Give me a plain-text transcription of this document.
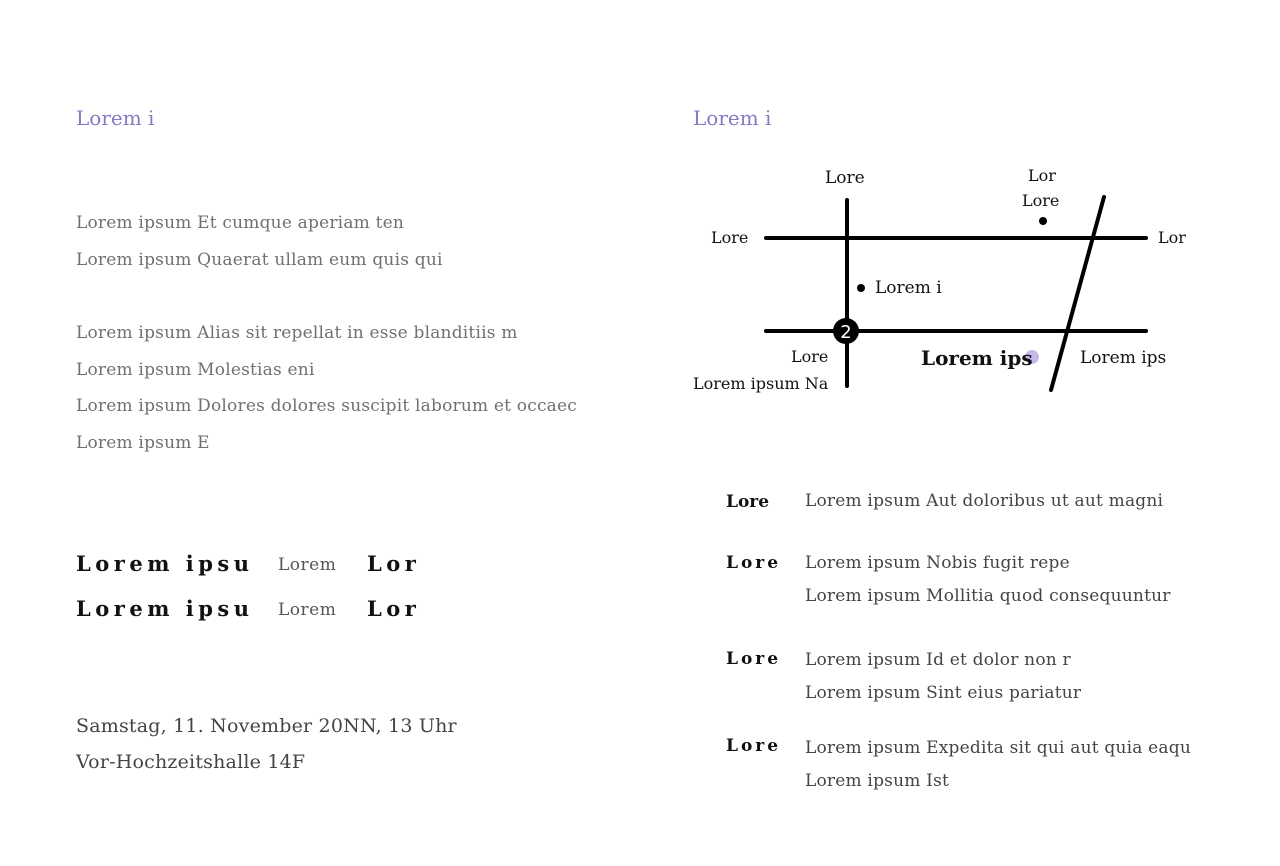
Lorem i
Lorem ipsum Et cumque aperiam ten
Lorem ipsum Quaerat ullam eum quis qui
Lorem ipsum Alias sit repellat in esse blanditiis m
Lorem ipsum Molestias eni
Lorem ipsum Dolores dolores suscipit laborum et occaec
Lorem ipsum E
Lorem ipsu Lorem Lor
Lorem ipsu Lorem Lor
Samstag, 11. November 20NN, 13 Uhr
Vor-Hochzeitshalle 14F
Lorem i
2
Lore	Lor
Lore
Lore	Lor
Lorem i
Lore
Lorem ipsum Na
Lorem ips	Lorem ips
Lore Lorem ipsum Aut doloribus ut aut magni
Lore Lorem ipsum Nobis fugit repe
Lorem ipsum Mollitia quod consequuntur
Lore Lorem ipsum Id et dolor non r
Lorem ipsum Sint eius pariatur
Lore Lorem ipsum Expedita sit qui aut quia eaqu
Lorem ipsum Ist
